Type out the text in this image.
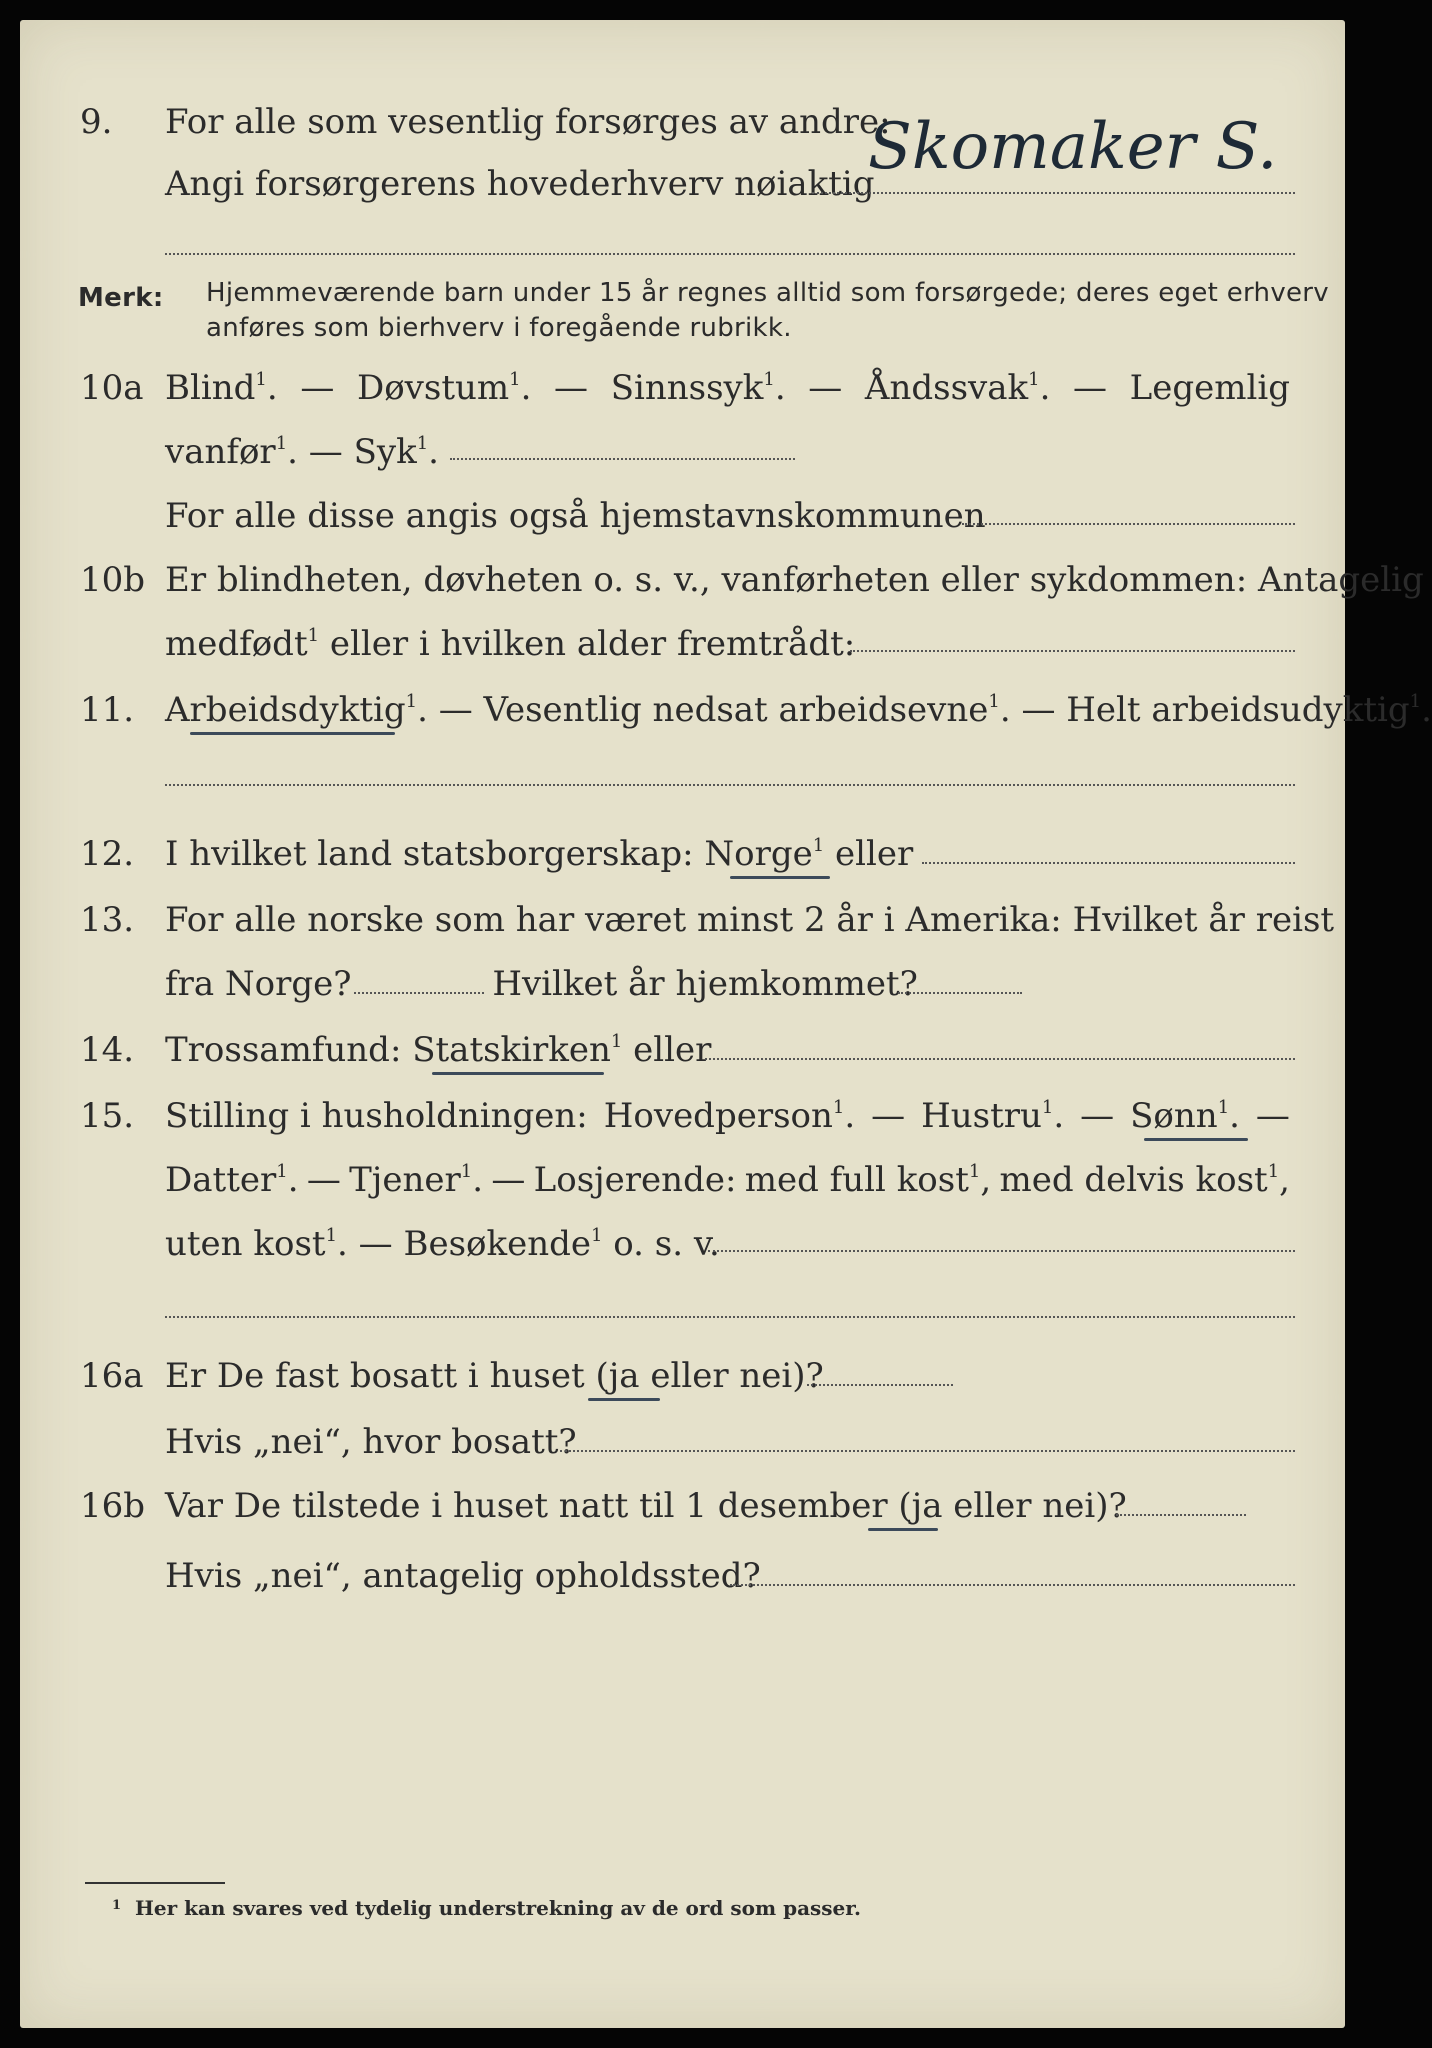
9.	For alle som vesentlig forsørges av andre:
Angi forsørgerens hovederhverv nøiaktig
Skomaker S.
Merk: Hjemmeværende barn under 15 år regnes alltid som forsørgede; deres eget erhverv
anføres som bierhverv i foregående rubrikk.
10a Blind$^1$. — Døvstum$^1$. — Sinnssyk$^1$. — Åndssvak$^1$. — Legemlig
vanfør$^1$. — Syk$^1$.
For alle disse angis også hjemstavnskommunen
10b Er blindheten, døvheten o. s. v., vanførheten eller sykdommen: Antagelig
medfødt$^1$ eller i hvilken alder fremtrådt:
11. Arbeidsdyktig$^1$. — Vesentlig nedsat arbeidsevne$^1$. — Helt arbeidsudyktig$^1$.
12. I hvilket land statsborgerskap: Norge$^1$ eller
13. For alle norske som har været minst 2 år i Amerika: Hvilket år reist
fra Norge?	Hvilket år hjemkommet?
14. Trossamfund: Statskirken$^1$ eller
15. Stilling i husholdningen: Hovedperson$^1$. — Hustru$^1$. — Sønn$^1$. —
Datter$^1$. — Tjener$^1$. — Losjerende: med full kost$^1$, med delvis kost$^1$,
uten kost$^1$. — Besøkende$^1$ o. s. v.
16a Er De fast bosatt i huset (ja eller nei)?
Hvis „nei“, hvor bosatt?
16b Var De tilstede i huset natt til 1 desember (ja eller nei)?
Hvis „nei“, antagelig opholdssted?
$^1$ Her kan svares ved tydelig understrekning av de ord som passer.
